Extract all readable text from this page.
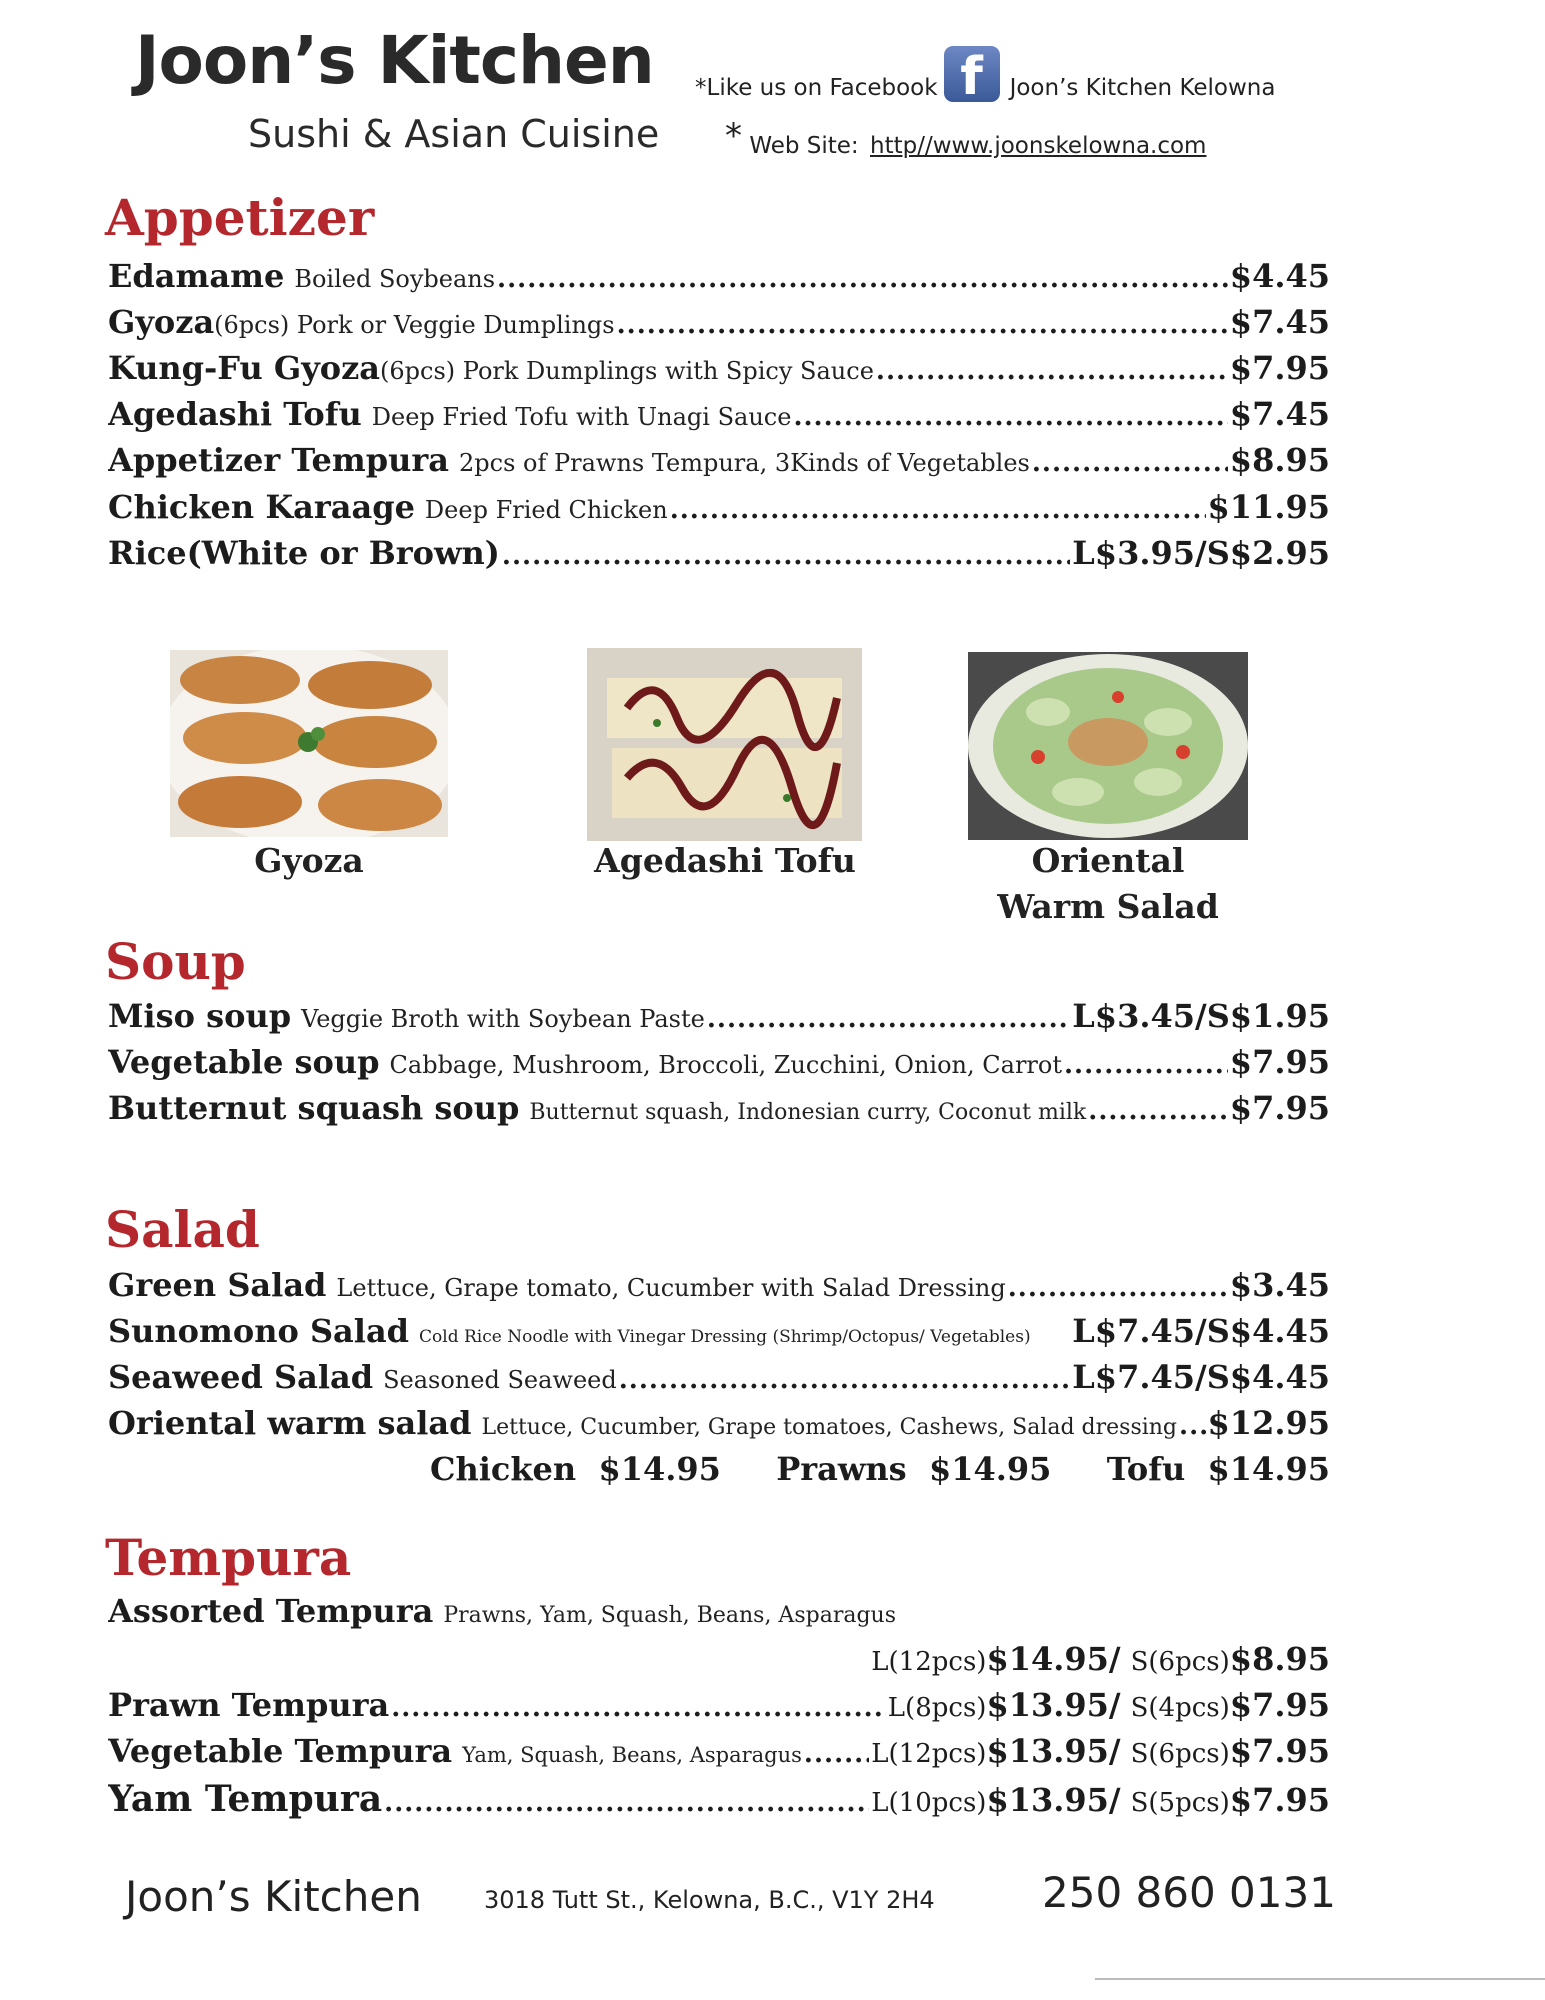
Joon’s Kitchen
Sushi & Asian Cuisine
*Like us on Facebook f	Joon’s Kitchen Kelowna
* Web Site: http//www.joonskelowna.com
Appetizer
Edamame Boiled Soybeans .....	$4.45
Gyoza (6pcs) Pork or Veggie Dumplings .....	$7.45
Kung-Fu Gyoza (6pcs) Pork Dumplings with Spicy Sauce .....	$7.95
Agedashi Tofu Deep Fried Tofu with Unagi Sauce .....	$7.45
Appetizer Tempura 2pcs of Prawns Tempura, 3Kinds of Vegetables .....	$8.95
Chicken Karaage Deep Fried Chicken .....	$11.95
Rice(White or Brown) .....	L$3.95/S$2.95
Gyoza	Agedashi Tofu	Oriental
Warm Salad
Soup
Miso soup Veggie Broth with Soybean Paste .....	L$3.45/S$1.95
Vegetable soup Cabbage, Mushroom, Broccoli, Zucchini, Onion, Carrot .....	$7.95
Butternut squash soup Butternut squash, Indonesian curry, Coconut milk .....	$7.95
Salad
Green Salad Lettuce, Grape tomato, Cucumber with Salad Dressing .....	$3.45
Sunomono Salad Cold Rice Noodle with Vinegar Dressing (Shrimp/Octopus/ Vegetables) L$7.45/S$4.45
Seaweed Salad Seasoned Seaweed .....	L$7.45/S$4.45
Oriental warm salad Lettuce, Cucumber, Grape tomatoes, Cashews, Salad dressing ..... $12.95
Chicken $14.95 Prawns $14.95 Tofu $14.95
Tempura
Assorted Tempura Prawns, Yam, Squash, Beans, Asparagus
L(12pcs) $14.95/ S(6pcs) $8.95
Prawn Tempura .....	L(8pcs) $13.95/ S(4pcs) $7.95
Vegetable Tempura Yam, Squash, Beans, Asparagus .....	L(12pcs) $13.95/ S(6pcs) $7.95
Yam Tempura .....	L(10pcs) $13.95/ S(5pcs) $7.95
Joon’s Kitchen	3018 Tutt St., Kelowna, B.C., V1Y 2H4	250 860 0131
